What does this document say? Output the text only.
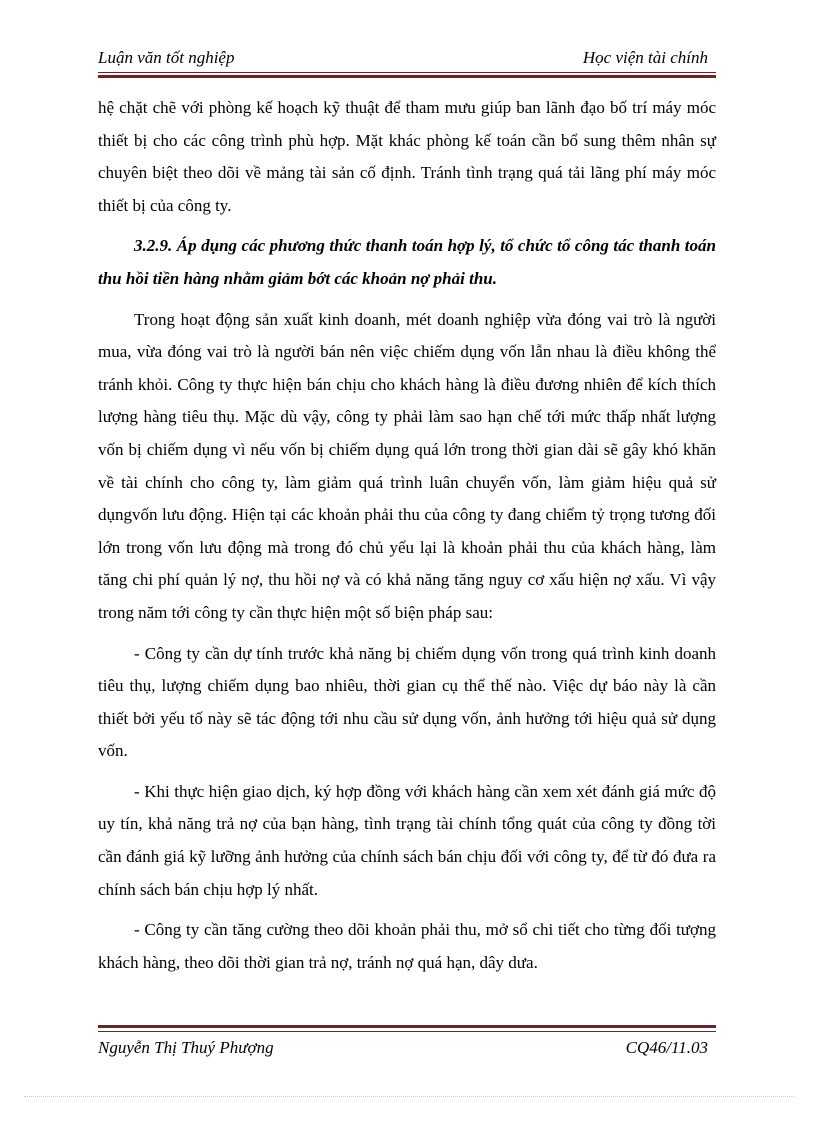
Luận văn tốt nghiệp	Học viện tài chính

hệ chặt chẽ với phòng kế hoạch kỹ thuật để tham mưu giúp ban lãnh đạo bố trí máy móc thiết bị cho các công trình phù hợp. Mặt khác phòng kế toán cần bổ sung thêm nhân sự chuyên biệt theo dõi về mảng tài sản cố định. Tránh tình trạng quá tải lãng phí máy móc thiết bị của công ty.

3.2.9. Áp dụng các phương thức thanh toán hợp lý, tổ chức tổ công tác thanh toán thu hồi tiền hàng nhằm giảm bớt các khoản nợ phải thu.

Trong hoạt động sản xuất kinh doanh, mét doanh nghiệp vừa đóng vai trò là người mua, vừa đóng vai trò là người bán nên việc chiếm dụng vốn lẫn nhau là điều không thể tránh khỏi. Công ty thực hiện bán chịu cho khách hàng là điều đương nhiên để kích thích lượng hàng tiêu thụ. Mặc dù vậy, công ty phải làm sao hạn chế tới mức thấp nhất lượng vốn bị chiếm dụng vì nếu vốn bị chiếm dụng quá lớn trong thời gian dài sẽ gây khó khăn về tài chính cho công ty, làm giảm quá trình luân chuyển vốn, làm giảm hiệu quả sử dụngvốn lưu động. Hiện tại các khoản phải thu của công ty đang chiếm tỷ trọng tương đối lớn trong vốn lưu động mà trong đó chủ yếu lại là khoản phải thu của khách hàng, làm tăng chi phí quản lý nợ, thu hồi nợ và có khả năng tăng nguy cơ xấu hiện nợ xấu. Vì vậy trong năm tới công ty cần thực hiện một số biện pháp sau:

- Công ty cần dự tính trước khả năng bị chiếm dụng vốn trong quá trình kinh doanh tiêu thụ, lượng chiếm dụng bao nhiêu, thời gian cụ thể thế nào. Việc dự báo này là cần thiết bởi yếu tố này sẽ tác động tới nhu cầu sử dụng vốn, ảnh hưởng tới hiệu quả sử dụng vốn.

- Khi thực hiện giao dịch, ký hợp đồng với khách hàng cần xem xét đánh giá mức độ uy tín, khả năng trả nợ của bạn hàng, tình trạng tài chính tổng quát của công ty đồng tời cần đánh giá kỹ lưỡng ảnh hưởng của chính sách bán chịu đối với công ty, để từ đó đưa ra chính sách bán chịu hợp lý nhất.

- Công ty cần tăng cường theo dõi khoản phải thu, mở sổ chi tiết cho từng đối tượng khách hàng, theo dõi thời gian trả nợ, tránh nợ quá hạn, dây dưa.

Nguyễn Thị Thuý Phượng	CQ46/11.03
